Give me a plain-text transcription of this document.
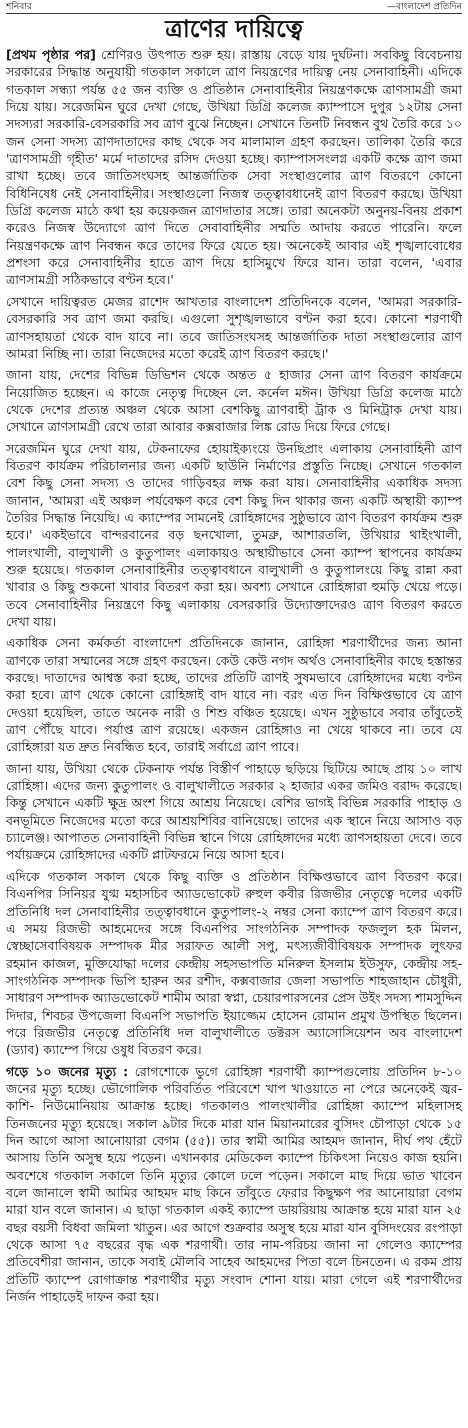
শনিবার	—বাংলাদেশ প্রতিদিন
ত্রাণের দায়িত্বে

[প্রথম পৃষ্ঠার পর] শ্রেণিরও উৎপাত শুরু হয়। রাস্তায় বেড়ে যায় দুর্ঘটনা। সবকিছু বিবেচনায় সরকারের সিদ্ধান্ত অনুযায়ী গতকাল সকালে ত্রাণ নিয়ন্ত্রণের দায়িত্ব নেয় সেনাবাহিনী। এদিকে গতকাল সন্ধ্যা পর্যন্ত ৫৫ জন ব্যক্তি ও প্রতিষ্ঠান সেনাবাহিনীর নিয়ন্ত্রণকক্ষে ত্রাণসামগ্রী জমা দিয়ে যায়। সরেজমিন ঘুরে দেখা গেছে, উখিয়া ডিগ্রি কলেজ ক্যাম্পাসে দুপুর ১২টায় সেনা সদস্যরা সরকারি-বেসরকারি সব ত্রাণ বুঝে নিচ্ছেন। সেখানে তিনটি নিবন্ধন বুথ তৈরি করে ১০ জন সেনা সদস্য ত্রাণদাতাদের কাছ থেকে সব মালামাল গ্রহণ করছেন। তালিকা তৈরি করে 'ত্রাণসামগ্রী গৃহীত' মর্মে দাতাদের রসিদ দেওয়া হচ্ছে। ক্যাম্পাসসংলগ্ন একটি কক্ষে ত্রাণ জমা রাখা হচ্ছে। তবে জাতিসংঘসহ আন্তর্জাতিক সেবা সংস্থাগুলোর ত্রাণ বিতরণে কোনো বিধিনিষেধ নেই সেনাবাহিনীর। সংস্থাগুলো নিজস্ব তত্ত্বাবধানেই ত্রাণ বিতরণ করছে। উখিয়া ডিগ্রি কলেজ মাঠে কথা হয় কয়েকজন ত্রাণদাতার সঙ্গে। তারা অনেকটা অনুনয়-বিনয় প্রকাশ করেও নিজস্ব উদ্যোগে ত্রাণ দিতে সেবাবাহিনীর সম্মতি আদায় করতে পারেনি। ফলে নিয়ন্ত্রণকক্ষে ত্রাণ নিবন্ধন করে তাদের ফিরে যেতে হয়। অনেকেই আবার এই শৃঙ্খলাবোধের প্রশংসা করে সেনাবাহিনীর হাতে ত্রাণ দিয়ে হাসিমুখে ফিরে যান। তারা বলেন, 'এবার ত্রাণসামগ্রী সঠিকভাবে বণ্টন হবে।'

সেখানে দায়িত্বরত মেজর রাশেদ আখতার বাংলাদেশ প্রতিদিনকে বলেন, 'আমরা সরকারি-বেসরকারি সব ত্রাণ জমা করছি। এগুলো সুশৃঙ্খলভাবে বণ্টন করা হবে। কোনো শরণার্থী ত্রাণসহায়তা থেকে বাদ যাবে না। তবে জাতিসংঘসহ আন্তর্জাতিক দাতা সংস্থাগুলোর ত্রাণ আমরা নিচ্ছি না। তারা নিজেদের মতো করেই ত্রাণ বিতরণ করছে।'

জানা যায়, দেশের বিভিন্ন ডিভিশন থেকে অন্তত ৫ হাজার সেনা ত্রাণ বিতরণ কার্যক্রমে নিয়োজিত হচ্ছেন। এ কাজে নেতৃত্ব দিচ্ছেন লে. কর্নেল মঈন। উখিয়া ডিগ্রি কলেজ মাঠে থেকে দেশের প্রত্যন্ত অঞ্চল থেকে আসা বেশকিছু ত্রাণবাহী ট্রাক ও মিনিট্রাক দেখা যায়। সেখানে ত্রাণসামগ্রী রেখে তারা আবার কক্সবাজার লিঙ্ক রোড দিয়ে ফিরে গেছে।

সরেজমিন ঘুরে দেখা যায়, টেকনাফের হোয়াইক্যংয়ে উনছিপ্রাং এলাকায় সেনাবাহিনী ত্রাণ বিতরণ কার্যক্রম পরিচালনার জন্য একটি ছাউনি নির্মাণের প্রস্তুতি নিচ্ছে। সেখানে গতকাল বেশ কিছু সেনা সদস্য ও তাদের গাড়িবহর লক্ষ করা যায়। সেনাবাহিনীর একাধিক সদস্য জানান, 'আমরা এই অঞ্চল পর্যবেক্ষণ করে বেশ কিছু দিন থাকার জন্য একটি অস্থায়ী ক্যাম্প তৈরির সিদ্ধান্ত নিয়েছি। এ ক্যাম্পের সামনেই রোহিঙ্গাদের সুষ্ঠুভাবে ত্রাণ বিতরণ কার্যক্রম শুরু হবে।' একইভাবে বান্দরবানের বড় ছনখোলা, তুমব্রু, আশারতলি, উখিয়ার থাইংখালী, পালংখালী, বালুখালী ও কুতুপালং এলাকায়ও অস্থায়ীভাবে সেনা ক্যাম্প স্থাপনের কার্যক্রম শুরু হয়েছে। গতকাল সেনাবাহিনীর তত্ত্বাবধানে বালুখালী ও কুতুপালংয়ে কিছু রান্না করা খাবার ও কিছু শুকনো খাবার বিতরণ করা হয়। অবশ্য সেখানে রোহিঙ্গারা হুমড়ি খেয়ে পড়ে। তবে সেনাবাহিনীর নিয়ন্ত্রণে কিছু এলাকায় বেসরকারি উদ্যোক্তাদেরও ত্রাণ বিতরণ করতে দেখা যায়।

একাধিক সেনা কর্মকর্তা বাংলাদেশ প্রতিদিনকে জানান, রোহিঙ্গা শরণার্থীদের জন্য আনা ত্রাণকে তারা সম্মানের সঙ্গে গ্রহণ করছেন। কেউ কেউ নগদ অর্থও সেনাবাহিনীর কাছে হস্তান্তর করছে। দাতাদের আশ্বস্ত করা হচ্ছে, তাদের প্রতিটি ত্রাণই সুষমভাবে রোহিঙ্গাদের মধ্যে বণ্টন করা হবে। ত্রাণ থেকে কোনো রোহিঙ্গাই বাদ যাবে না। বরং এত দিন বিক্ষিপ্তভাবে যে ত্রাণ দেওয়া হয়েছিল, তাতে অনেক নারী ও শিশু বঞ্চিত হয়েছে। এখন সুষ্ঠুভাবে সবার তাঁবুতেই ত্রাণ পৌঁছে যাবে। পর্যাপ্ত ত্রাণ রয়েছে। একজন রোহিঙ্গাও না খেয়ে থাকবে না। তবে যে রোহিঙ্গারা যত দ্রুত নিবন্ধিত হবে, তারাই সর্বাগ্রে ত্রাণ পাবে।

জানা যায়, উখিয়া থেকে টেকনাফ পর্যন্ত বিস্তীর্ণ পাহাড়ে ছড়িয়ে ছিটিয়ে আছে প্রায় ১০ লাখ রোহিঙ্গা। এদের জন্য কুতুপালং ও বালুখালীতে সরকার ২ হাজার একর জমিও বরাদ্দ করেছে। কিন্তু সেখানে একটি ক্ষুদ্র অংশ গিয়ে আশ্রয় নিয়েছে। বেশির ভাগই বিভিন্ন সরকারি পাহাড় ও বনভূমিতে নিজেদের মতো করে আশ্রয়শিবির বানিয়েছে। তাদের এক স্থানে নিয়ে আসাও বড় চ্যালেঞ্জ। আপাতত সেনাবাহিনী বিভিন্ন স্থানে গিয়ে রোহিঙ্গাদের মধ্যে ত্রাণসহায়তা দেবে। তবে পর্যায়ক্রমে রোহিঙ্গাদের একটি প্লাটফরমে নিয়ে আসা হবে।

এদিকে গতকাল সকাল থেকে কিছু ব্যক্তি ও প্রতিষ্ঠান বিক্ষিপ্তভাবে ত্রাণ বিতরণ করে। বিএনপির সিনিয়র যুগ্ম মহাসচিব অ্যাডভোকেট রুহুল কবীর রিজভীর নেতৃত্বে দলের একটি প্রতিনিধি দল সেনাবাহিনীর তত্ত্বাবধানে কুতুপালং-২ নম্বর সেনা ক্যাম্পে ত্রাণ বিতরণ করে। এ সময় রিজভী আহমেদের সঙ্গে বিএনপির সাংগঠনিক সম্পাদক ফজলুল হক মিলন, স্বেচ্ছাসেবাবিষয়ক সম্পাদক মীর সরাফত আলী সপু, মৎস্যজীবীবিষয়ক সম্পাদক লুৎফর রহমান কাজল, মুক্তিযোদ্ধা দলের কেন্দ্রীয় সহসভাপতি মনিরুল ইসলাম ইউসুফ, কেন্দ্রীয় সহ-সাংগঠনিক সম্পাদক ভিপি হারুন অর রশীদ, কক্সবাজার জেলা সভাপতি শাহজাহান চৌধুরী, সাধারণ সম্পাদক অ্যাডভোকেট শামীম আরা স্বপ্না, চেয়ারপারসনের প্রেস উইং সদস্য শামসুদ্দিন দিদার, শিবচর উপজেলা বিএনপি সভাপতি ইয়াজ্জেম হোসেন রোমান প্রমুখ উপস্থিত ছিলেন। পরে রিজভীর নেতৃত্বে প্রতিনিধি দল বালুখালীতে ডক্টরস অ্যাসোসিয়েশন অব বাংলাদেশ (ড্যাব) ক্যাম্পে গিয়ে ওষুধ বিতরণ করে।

গড়ে ১০ জনের মৃত্যু : রোগশোকে ভুগে রোহিঙ্গা শরণার্থী ক্যাম্পগুলোয় প্রতিদিন ৮-১০ জনের মৃত্যু হচ্ছে। ভৌগোলিক পরিবর্তিত পরিবেশে খাপ খাওয়াতে না পেরে অনেকেই জ্বর-কাশি- নিউমোনিয়ায় আক্রান্ত হচ্ছে। গতকালও পালংখালীর রোহিঙ্গা ক্যাম্পে মহিলাসহ তিনজনের মৃত্যু হয়েছে। সকাল ৯টার দিকে মারা যান মিয়ানমারের বুসিদং চৌপাড়া থেকে ১৫ দিন আগে আসা আনোয়ারা বেগম (৫৫)। তার স্বামী আমির আহমদ জানান, দীর্ঘ পথ হেঁটে আসায় তিনি অসুস্থ হয়ে পড়েন। এখানকার মেডিকেল ক্যাম্পে চিকিৎসা নিয়েও কাজ হয়নি। অবশেষে গতকাল সকালে তিনি মৃত্যুর কোলে ঢলে পড়েন। সকালে মাছ দিয়ে ভাত খাবেন বলে জানালে স্বামী আমির আহমদ মাছ কিনে তাঁবুতে ফেরার কিছুক্ষণ পর আনোয়ারা বেগম মারা যান বলে জানান। এ ছাড়া গতকাল একই ক্যাম্পে ডায়রিয়ায় আক্রান্ত হয়ে মারা যান ২৫ বছর বয়সী বিধবা জমিলা খাতুন। এর আগে শুক্রবার অসুস্থ হয়ে মারা যান বুসিদংয়ের রংপাড়া থেকে আসা ৭৫ বছরের বৃদ্ধ এক শরণার্থী। তার নাম-পরিচয় জানা না গেলেও ক্যাম্পের প্রতিবেশীরা জানান, তাকে সবাই মৌলবি সাহেব আহমদের পিতা বলে চিনতেন। এ রকম প্রায় প্রতিটি ক্যাম্পে রোগাক্রান্ত শরণার্থীর মৃত্যু সংবাদ শোনা যায়। মারা গেলে এই শরণার্থীদের নির্জন পাহাড়েই দাফন করা হয়।
